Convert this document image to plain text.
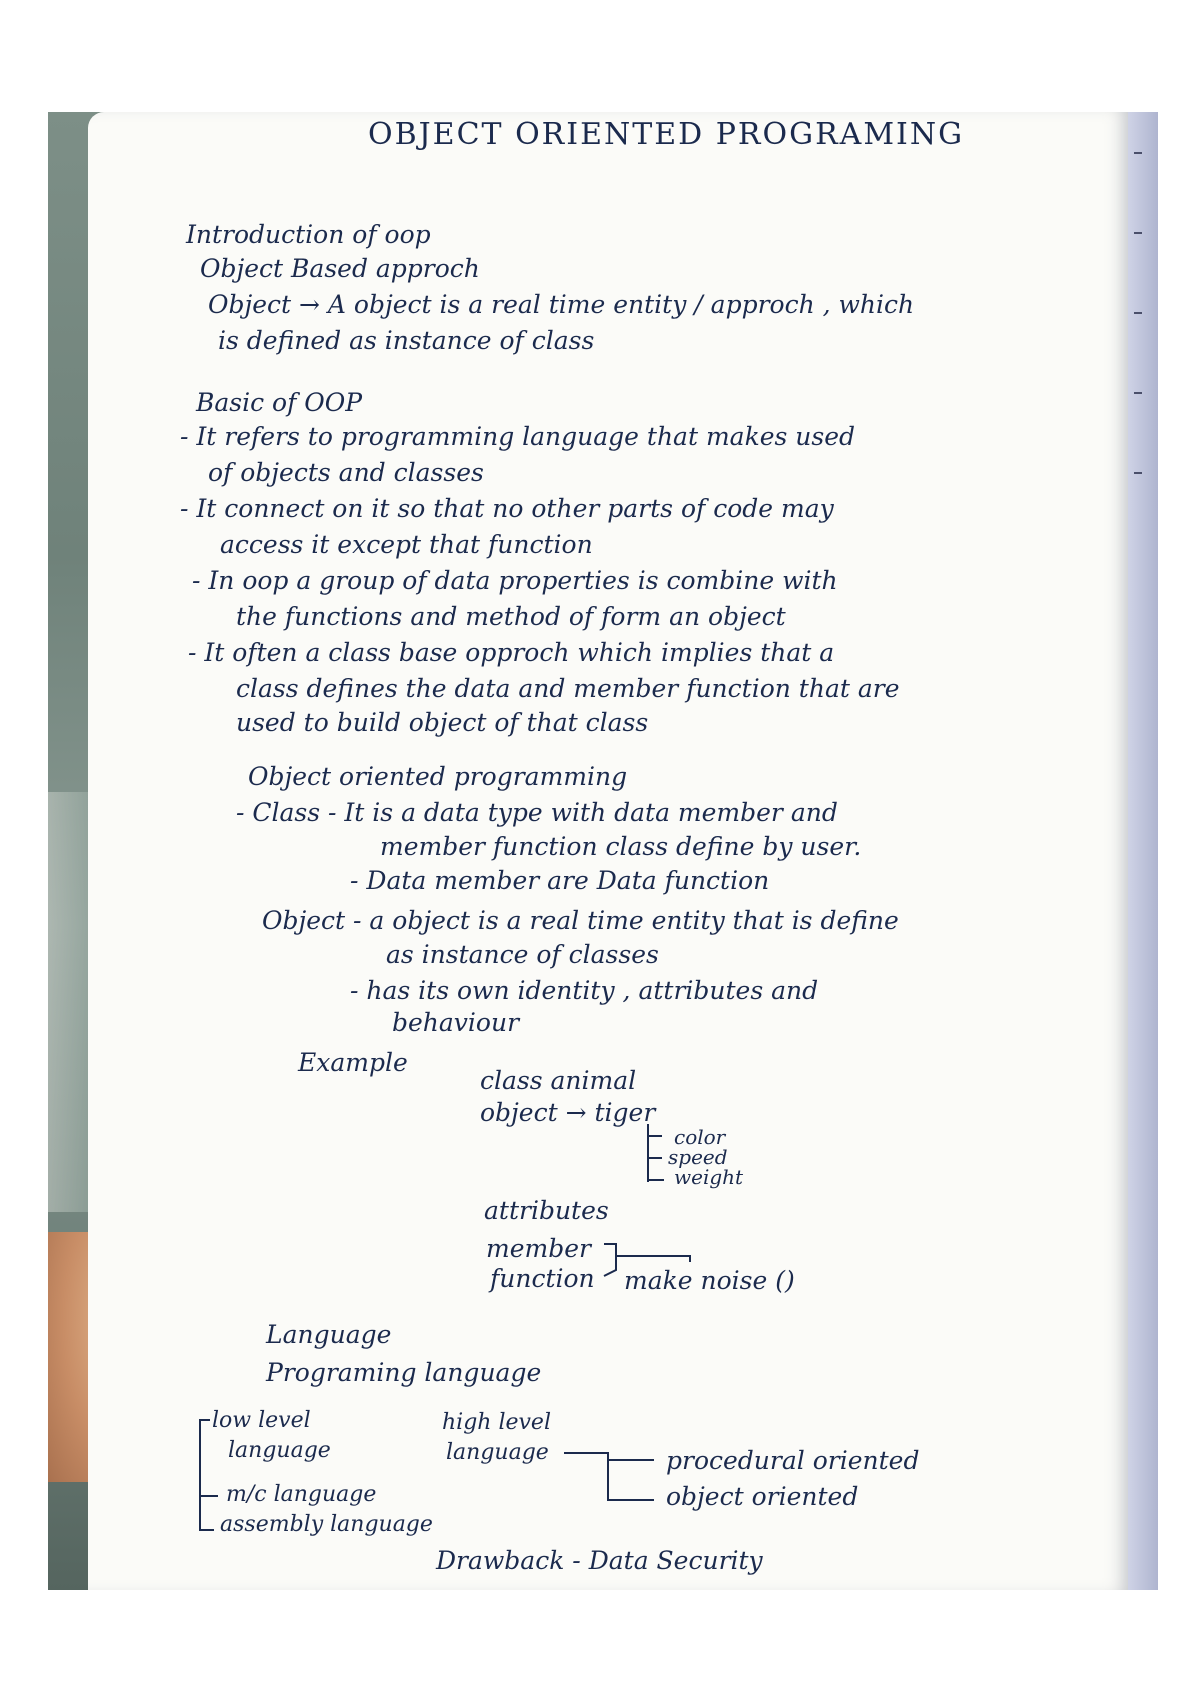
OBJECT ORIENTED PROGRAMING

Introduction of oop

Object Based approch

Object → A object is a real time entity / approch , which

is defined as instance of class

Basic of OOP

- It refers to programming language that makes used

of objects and classes

- It connect on it so that no other parts of code may

access it except that function

- In oop a group of data properties is combine with

the functions and method of form an object

- It often a class base opproch which implies that a

class defines the data and member function that are

used to build object of that class

Object oriented programming

- Class - It is a data type with data member and

member function class define by user.

- Data member are Data function

Object - a object is a real time entity that is define

as instance of classes

- has its own identity , attributes and

behaviour

Example

class animal

object → tiger

color

speed

weight

attributes

member

function make noise ()

Language

Programing language

low level

language

high level

language

m/c language

assembly language

procedural oriented

object oriented

Drawback - Data Security
